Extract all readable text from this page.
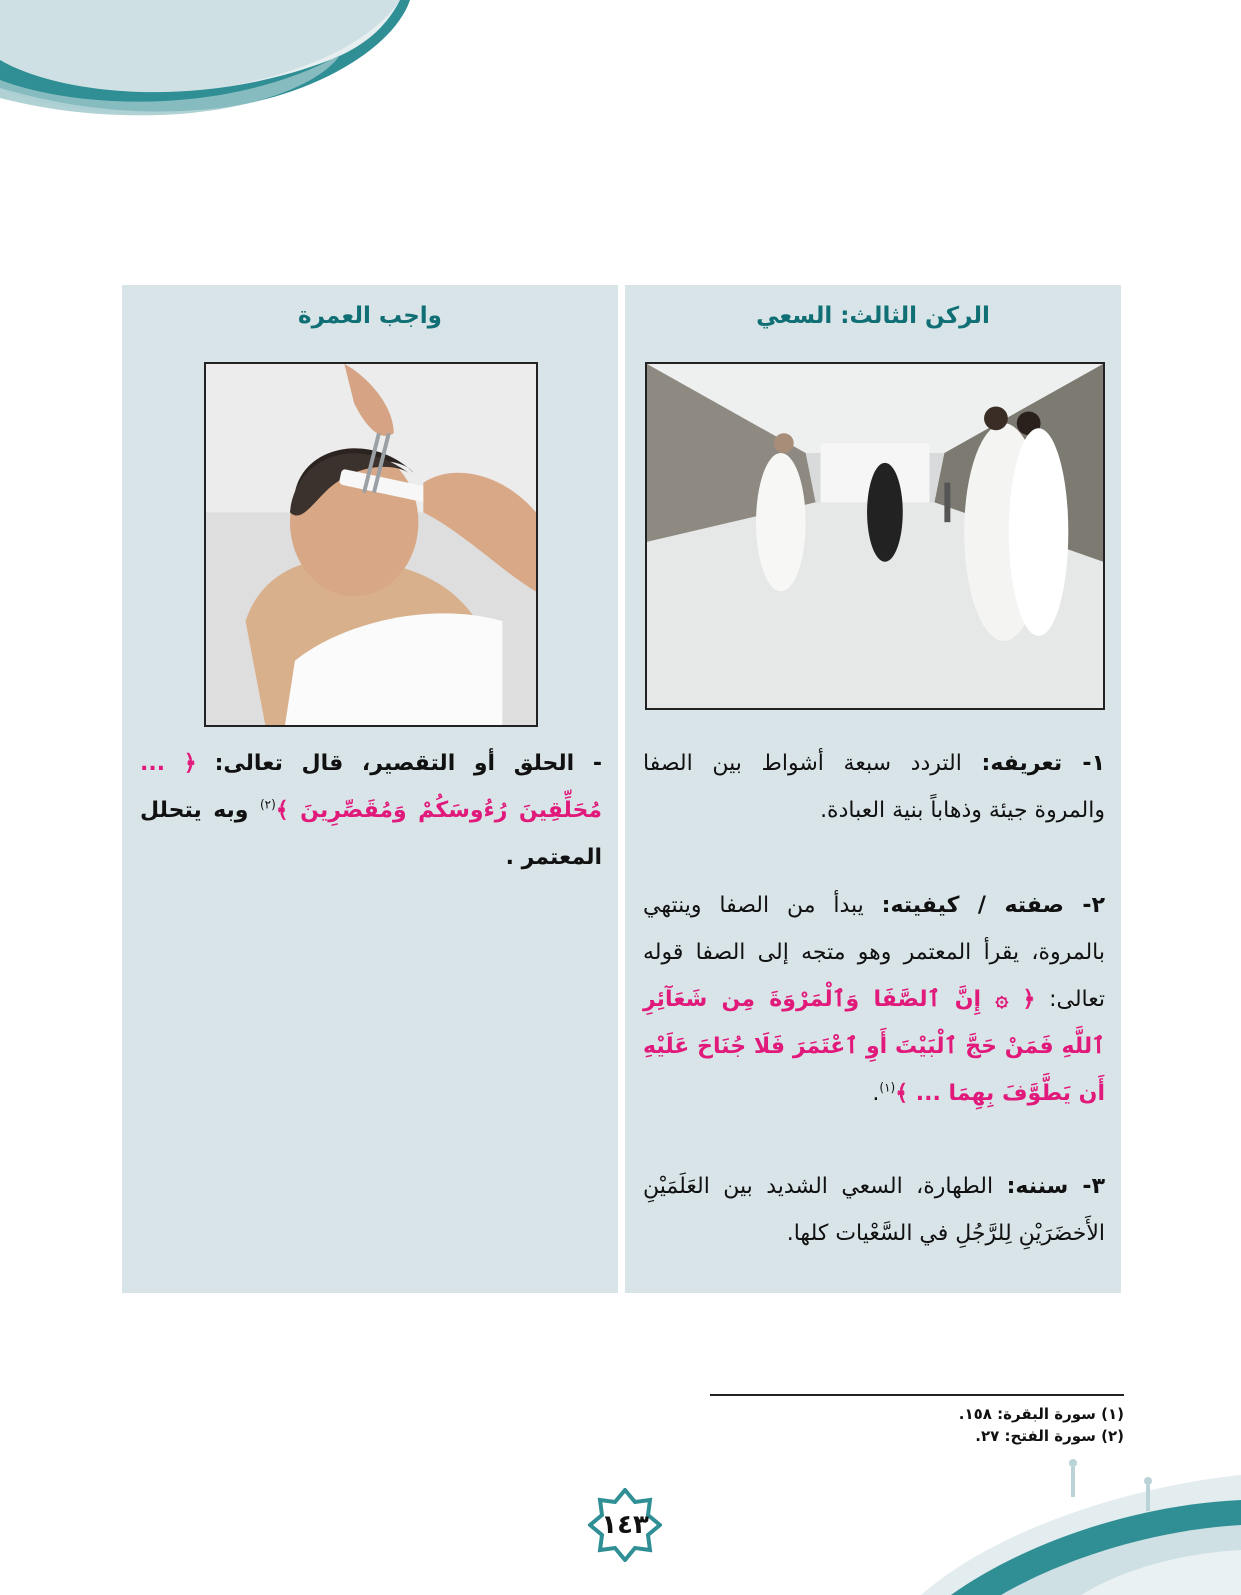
الركن الثالث: السعي
١- تعريفه: التردد سبعة أشواط بين الصفا والمروة جيئة وذهاباً بنية العبادة.
٢- صفته / كيفيته: يبدأ من الصفا وينتهي بالمروة، يقرأ المعتمر وهو متجه إلى الصفا قوله تعالى: ﴿ ۞ إِنَّ ٱلصَّفَا وَٱلْمَرْوَةَ مِن شَعَآئِرِ ٱللَّهِ فَمَنْ حَجَّ ٱلْبَيْتَ أَوِ ٱعْتَمَرَ فَلَا جُنَاحَ عَلَيْهِ أَن يَطَّوَّفَ بِهِمَا ... ﴾$^{(١)}$.
٣- سننه: الطهارة، السعي الشديد بين العَلَمَيْنِ الأَخضَرَيْنِ لِلرَّجُلِ في السَّعْيات كلها.
واجب العمرة
- الحلق أو التقصير، قال تعالى: ﴿ ... مُحَلِّقِينَ رُءُوسَكُمْ وَمُقَصِّرِينَ ﴾$^{(٢)}$ وبه يتحلل المعتمر .
(١) سورة البقرة: ١٥٨.
(٢) سورة الفتح: ٢٧.
١٤٣
